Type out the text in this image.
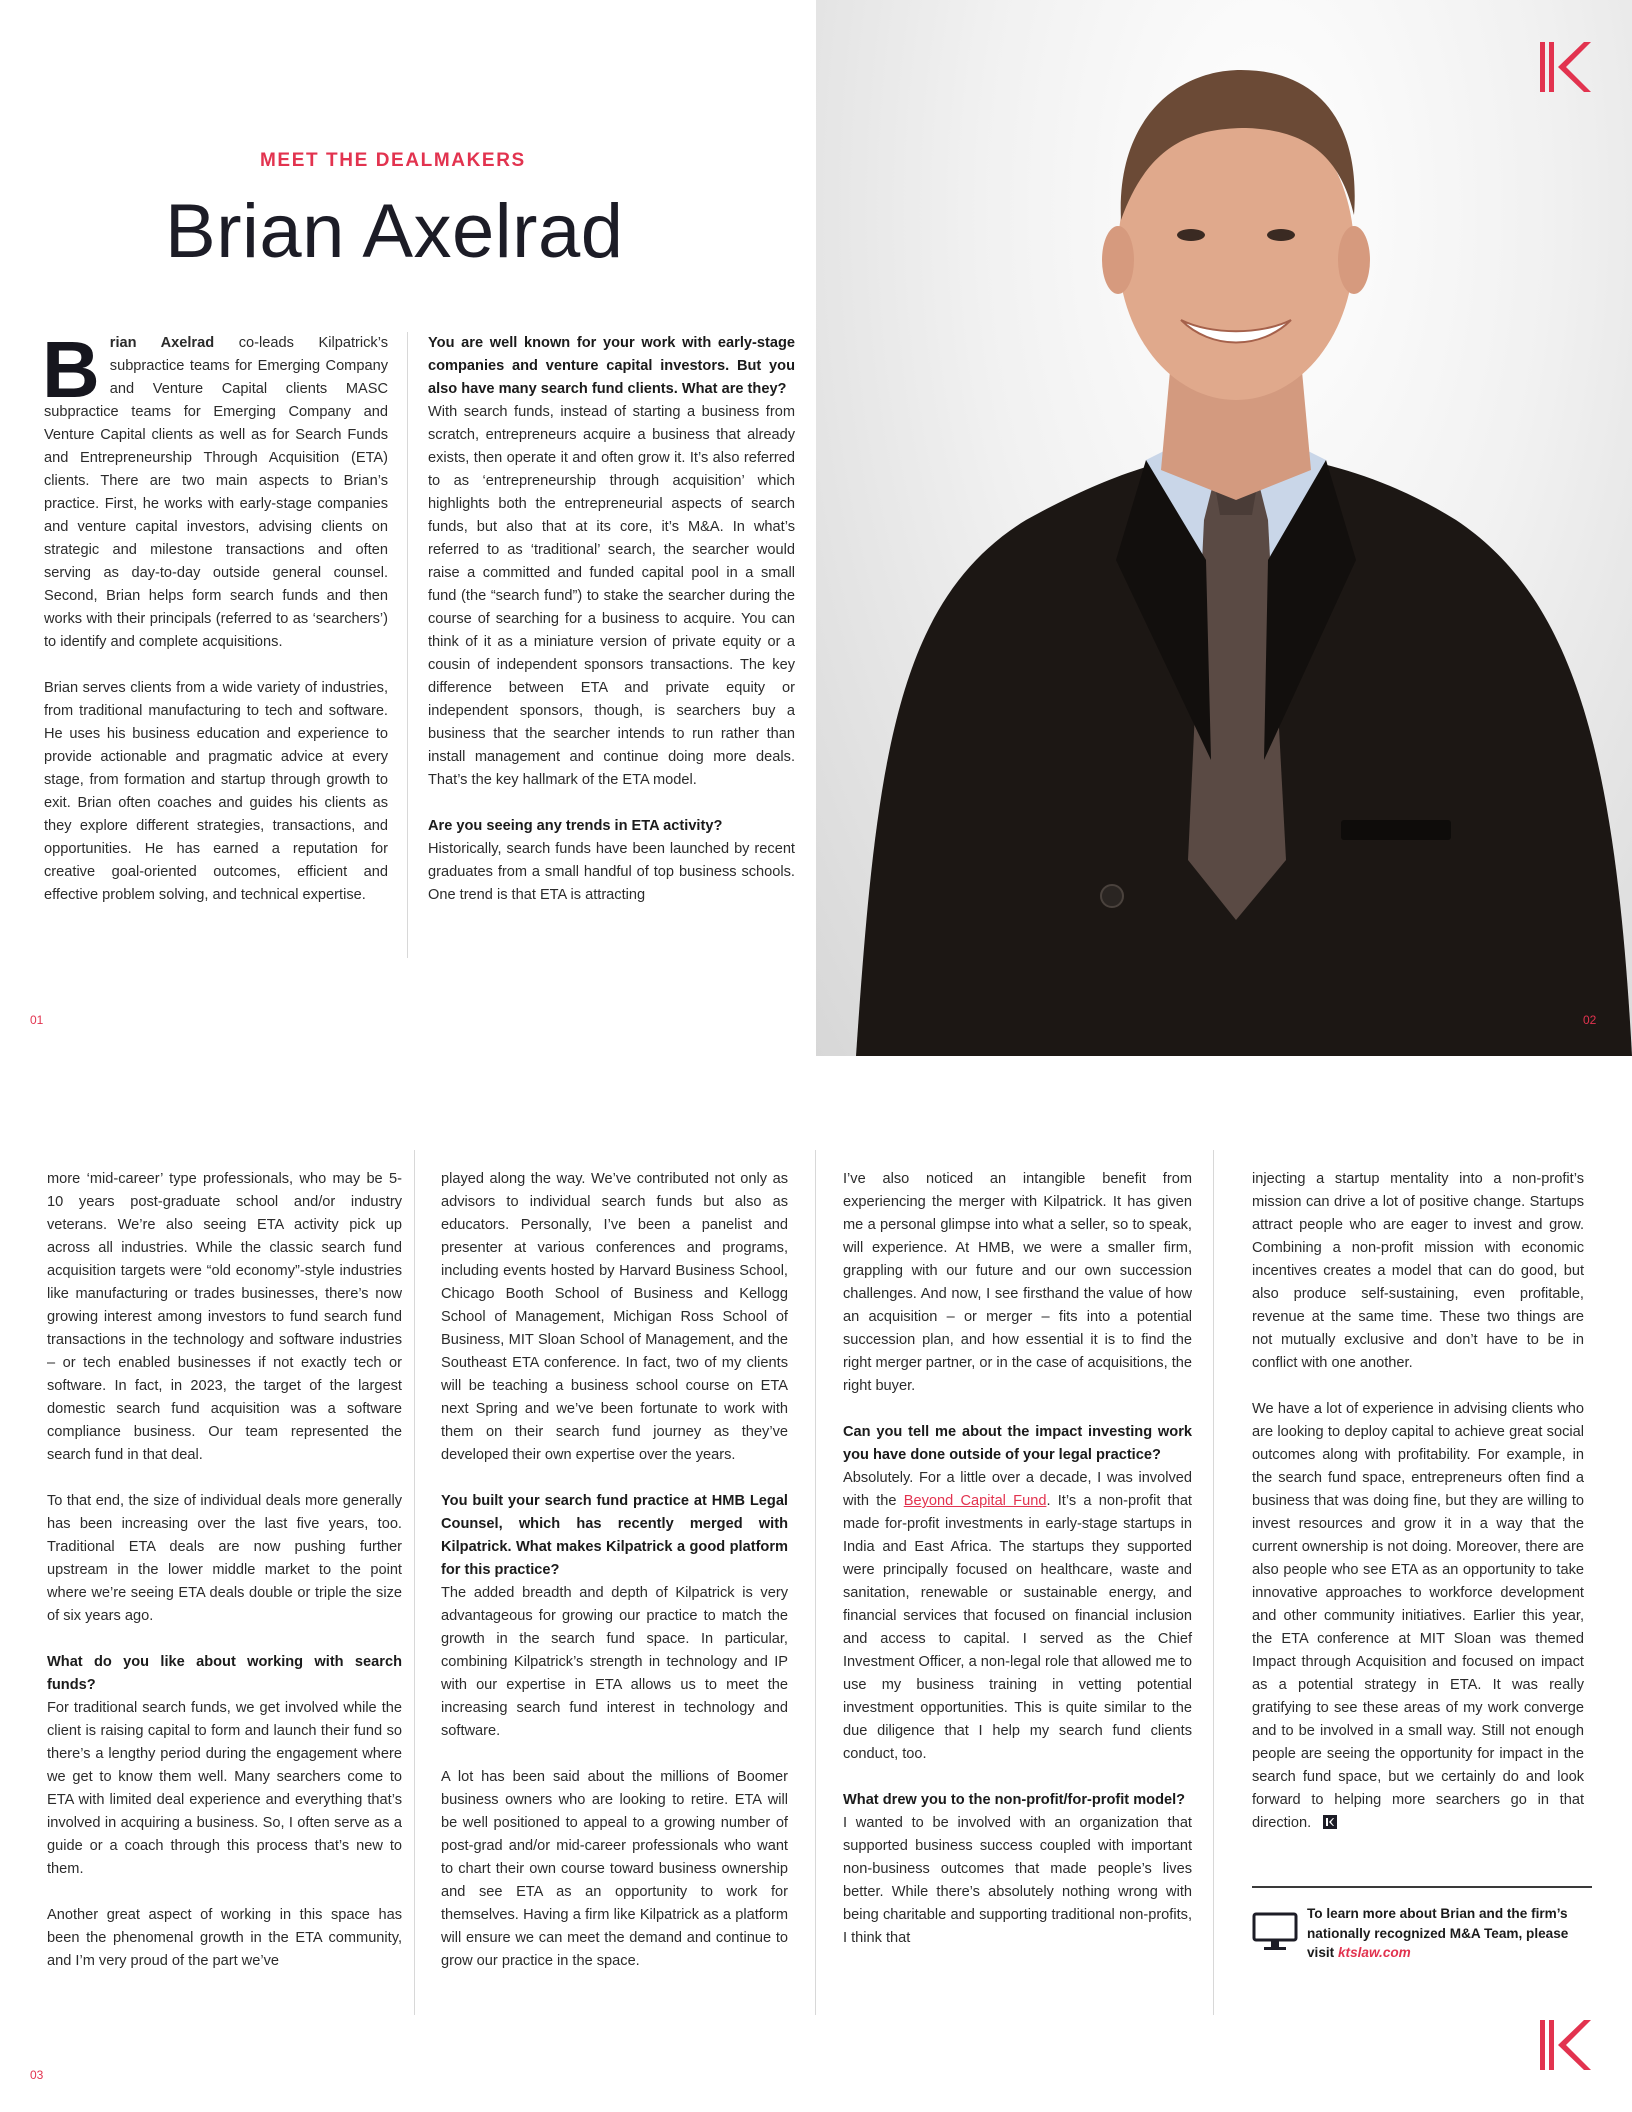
MEET THE DEALMAKERS
Brian Axelrad

Brian Axelrad co-leads Kilpatrick’s subpractice teams for Emerging Company and Venture Capital clients MASC subpractice teams for Emerging Company and Venture Capital clients as well as for Search Funds and Entrepreneurship Through Acquisition (ETA) clients. There are two main aspects to Brian’s practice. First, he works with early-stage companies and venture capital investors, advising clients on strategic and milestone transactions and often serving as day-to-day outside general counsel. Second, Brian helps form search funds and then works with their principals (referred to as ‘searchers’) to identify and complete acquisitions.

Brian serves clients from a wide variety of industries, from traditional manufacturing to tech and software. He uses his business education and experience to provide actionable and pragmatic advice at every stage, from formation and startup through growth to exit. Brian often coaches and guides his clients as they explore different strategies, transactions, and opportunities. He has earned a reputation for creative goal-oriented outcomes, efficient and effective problem solving, and technical expertise.

You are well known for your work with early-stage companies and venture capital investors. But you also have many search fund clients. What are they?

With search funds, instead of starting a business from scratch, entrepreneurs acquire a business that already exists, then operate it and often grow it. It’s also referred to as ‘entrepreneurship through acquisition’ which highlights both the entrepreneurial aspects of search funds, but also that at its core, it’s M&A. In what’s referred to as ‘traditional’ search, the searcher would raise a committed and funded capital pool in a small fund (the “search fund”) to stake the searcher during the course of searching for a business to acquire. You can think of it as a miniature version of private equity or a cousin of independent sponsors transactions. The key difference between ETA and private equity or independent sponsors, though, is searchers buy a business that the searcher intends to run rather than install management and continue doing more deals. That’s the key hallmark of the ETA model.

Are you seeing any trends in ETA activity?

Historically, search funds have been launched by recent graduates from a small handful of top business schools. One trend is that ETA is attracting

01	02

more ‘mid-career’ type professionals, who may be 5-10 years post-graduate school and/or industry veterans. We’re also seeing ETA activity pick up across all industries. While the classic search fund acquisition targets were “old economy”-style industries like manufacturing or trades businesses, there’s now growing interest among investors to fund search fund transactions in the technology and software industries – or tech enabled businesses if not exactly tech or software. In fact, in 2023, the target of the largest domestic search fund acquisition was a software compliance business. Our team represented the search fund in that deal.

To that end, the size of individual deals more generally has been increasing over the last five years, too. Traditional ETA deals are now pushing further upstream in the lower middle market to the point where we’re seeing ETA deals double or triple the size of six years ago.

What do you like about working with search funds?

For traditional search funds, we get involved while the client is raising capital to form and launch their fund so there’s a lengthy period during the engagement where we get to know them well. Many searchers come to ETA with limited deal experience and everything that’s involved in acquiring a business. So, I often serve as a guide or a coach through this process that’s new to them.

Another great aspect of working in this space has been the phenomenal growth in the ETA community, and I’m very proud of the part we’ve

played along the way. We’ve contributed not only as advisors to individual search funds but also as educators. Personally, I’ve been a panelist and presenter at various conferences and programs, including events hosted by Harvard Business School, Chicago Booth School of Business and Kellogg School of Management, Michigan Ross School of Business, MIT Sloan School of Management, and the Southeast ETA conference. In fact, two of my clients will be teaching a business school course on ETA next Spring and we’ve been fortunate to work with them on their search fund journey as they’ve developed their own expertise over the years.

You built your search fund practice at HMB Legal Counsel, which has recently merged with Kilpatrick. What makes Kilpatrick a good platform for this practice?

The added breadth and depth of Kilpatrick is very advantageous for growing our practice to match the growth in the search fund space. In particular, combining Kilpatrick’s strength in technology and IP with our expertise in ETA allows us to meet the increasing search fund interest in technology and software.

A lot has been said about the millions of Boomer business owners who are looking to retire. ETA will be well positioned to appeal to a growing number of post-grad and/or mid-career professionals who want to chart their own course toward business ownership and see ETA as an opportunity to work for themselves. Having a firm like Kilpatrick as a platform will ensure we can meet the demand and continue to grow our practice in the space.

I’ve also noticed an intangible benefit from experiencing the merger with Kilpatrick. It has given me a personal glimpse into what a seller, so to speak, will experience. At HMB, we were a smaller firm, grappling with our future and our own succession challenges. And now, I see firsthand the value of how an acquisition – or merger – fits into a potential succession plan, and how essential it is to find the right merger partner, or in the case of acquisitions, the right buyer.

Can you tell me about the impact investing work you have done outside of your legal practice?

Absolutely. For a little over a decade, I was involved with the Beyond Capital Fund. It’s a non-profit that made for-profit investments in early-stage startups in India and East Africa. The startups they supported were principally focused on healthcare, waste and sanitation, renewable or sustainable energy, and financial services that focused on financial inclusion and access to capital. I served as the Chief Investment Officer, a non-legal role that allowed me to use my business training in vetting potential investment opportunities. This is quite similar to the due diligence that I help my search fund clients conduct, too.

What drew you to the non-profit/for-profit model?

I wanted to be involved with an organization that supported business success coupled with important non-business outcomes that made people’s lives better. While there’s absolutely nothing wrong with being charitable and supporting traditional non-profits, I think that

injecting a startup mentality into a non-profit’s mission can drive a lot of positive change. Startups attract people who are eager to invest and grow. Combining a non-profit mission with economic incentives creates a model that can do good, but also produce self-sustaining, even profitable, revenue at the same time. These two things are not mutually exclusive and don’t have to be in conflict with one another.

We have a lot of experience in advising clients who are looking to deploy capital to achieve great social outcomes along with profitability. For example, in the search fund space, entrepreneurs often find a business that was doing fine, but they are willing to invest resources and grow it in a way that the current ownership is not doing. Moreover, there are also people who see ETA as an opportunity to take innovative approaches to workforce development and other community initiatives. Earlier this year, the ETA conference at MIT Sloan was themed Impact through Acquisition and focused on impact as a potential strategy in ETA. It was really gratifying to see these areas of my work converge and to be involved in a small way. Still not enough people are seeing the opportunity for impact in the search fund space, but we certainly do and look forward to helping more searchers go in that direction.

To learn more about Brian and the firm’s nationally recognized M&A Team, please visit ktslaw.com
03
